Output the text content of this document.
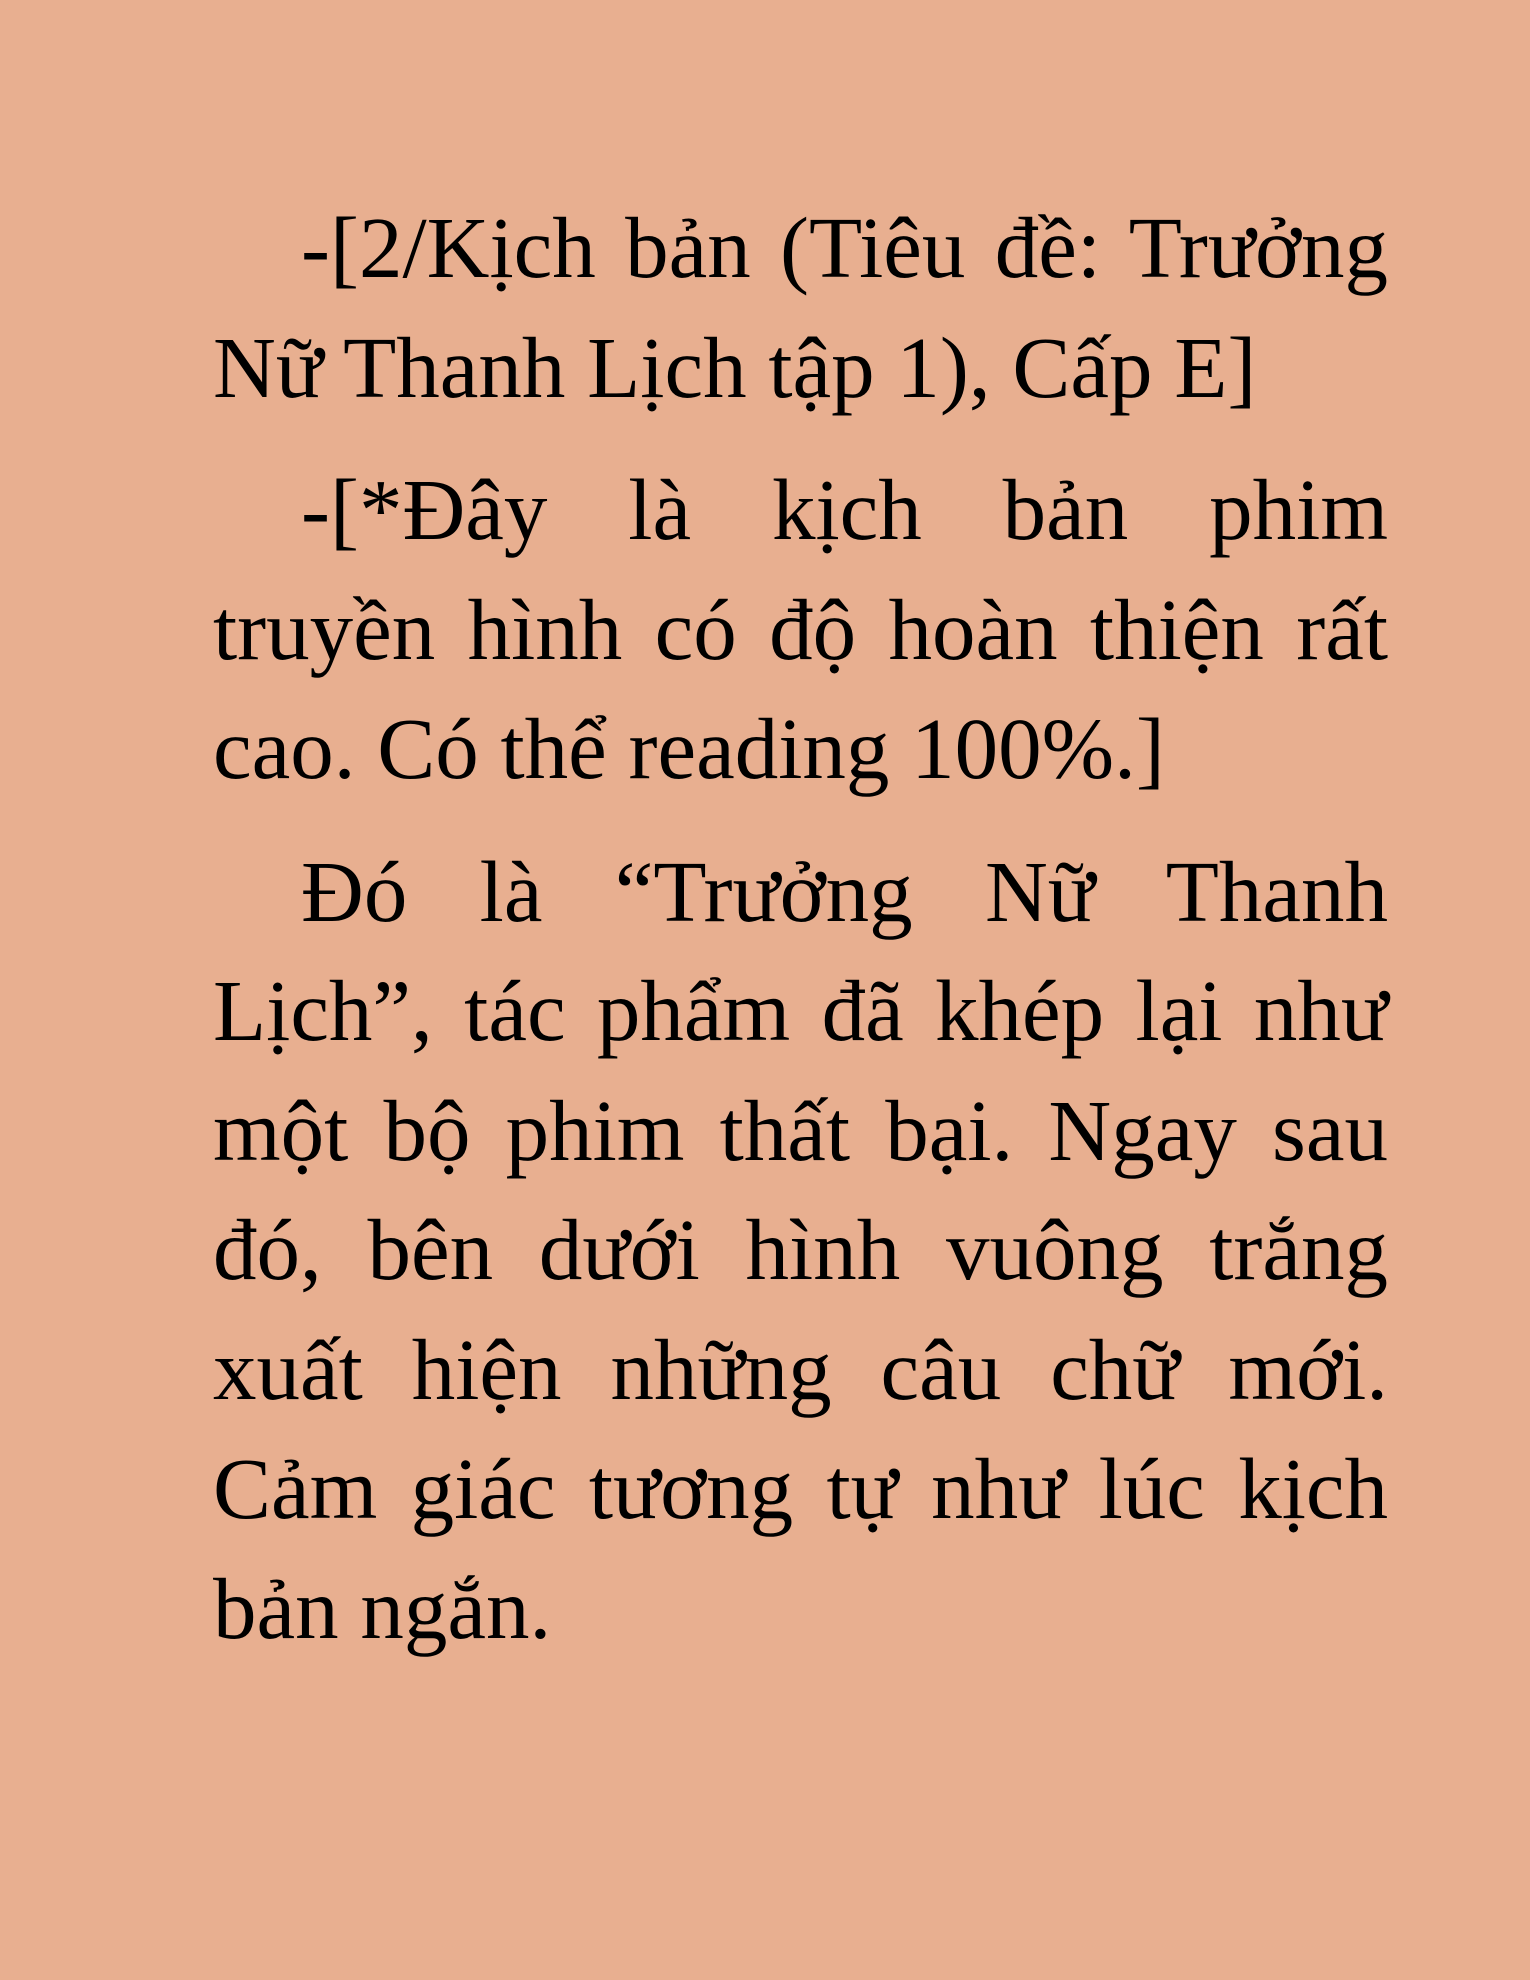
-[2/Kịch bản (Tiêu đề: Trưởng Nữ Thanh Lịch tập 1), Cấp E]

-[*Đây là kịch bản phim truyền hình có độ hoàn thiện rất cao. Có thể reading 100%.]

Đó là “Trưởng Nữ Thanh Lịch”, tác phẩm đã khép lại như một bộ phim thất bại. Ngay sau đó, bên dưới hình vuông trắng xuất hiện những câu chữ mới. Cảm giác tương tự như lúc kịch bản ngắn.
